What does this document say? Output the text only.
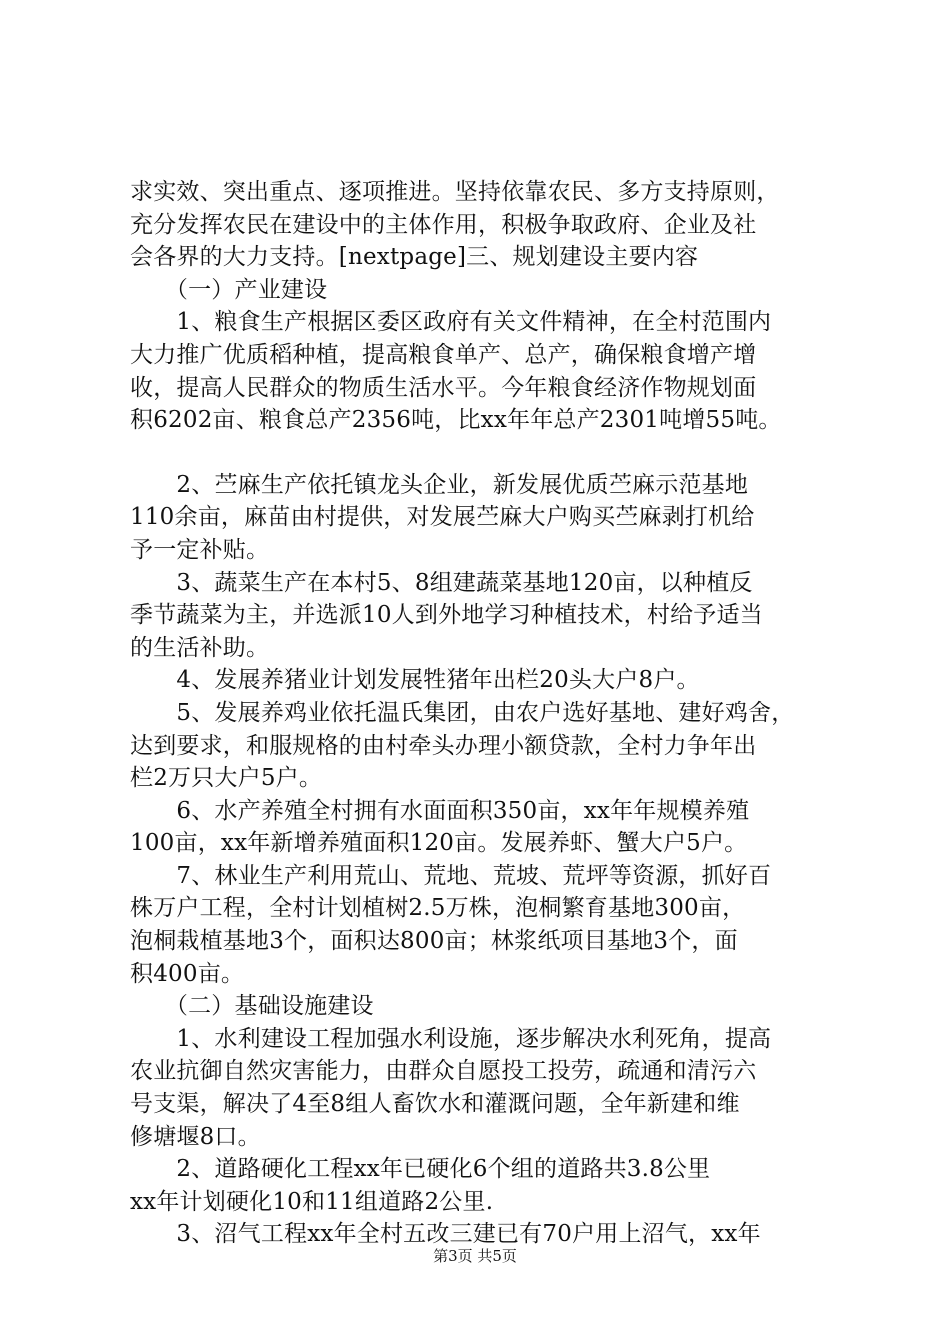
求实效、突出重点、逐项推进。坚持依靠农民、多方支持原则，
充分发挥农民在建设中的主体作用，积极争取政府、企业及社
会各界的大力支持。[nextpage]三、规划建设主要内容
　　（一）产业建设
　　1、粮食生产根据区委区政府有关文件精神，在全村范围内
大力推广优质稻种植，提高粮食单产、总产，确保粮食增产增
收，提高人民群众的物质生活水平。今年粮食经济作物规划面
积6202亩、粮食总产2356吨，比xx年年总产2301吨增55吨。
　　2、苎麻生产依托镇龙头企业，新发展优质苎麻示范基地
110余亩，麻苗由村提供，对发展苎麻大户购买苎麻剥打机给
予一定补贴。
　　3、蔬菜生产在本村5、8组建蔬菜基地120亩，以种植反
季节蔬菜为主，并选派10人到外地学习种植技术，村给予适当
的生活补助。
　　4、发展养猪业计划发展牲猪年出栏20头大户8户。
　　5、发展养鸡业依托温氏集团，由农户选好基地、建好鸡舍，
达到要求，和服规格的由村牵头办理小额贷款，全村力争年出
栏2万只大户5户。
　　6、水产养殖全村拥有水面面积350亩，xx年年规模养殖
100亩，xx年新增养殖面积120亩。发展养虾、蟹大户5户。
　　7、林业生产利用荒山、荒地、荒坡、荒坪等资源，抓好百
株万户工程，全村计划植树2.5万株，泡桐繁育基地300亩，
泡桐栽植基地3个，面积达800亩；林浆纸项目基地3个，面
积400亩。
　　（二）基础设施建设
　　1、水利建设工程加强水利设施，逐步解决水利死角，提高
农业抗御自然灾害能力，由群众自愿投工投劳，疏通和清污六
号支渠，解决了4至8组人畜饮水和灌溉问题，全年新建和维
修塘堰8口。
　　2、道路硬化工程xx年已硬化6个组的道路共3.8公里
xx年计划硬化10和11组道路2公里.
　　3、沼气工程xx年全村五改三建已有70户用上沼气，xx年
第3页 共5页
